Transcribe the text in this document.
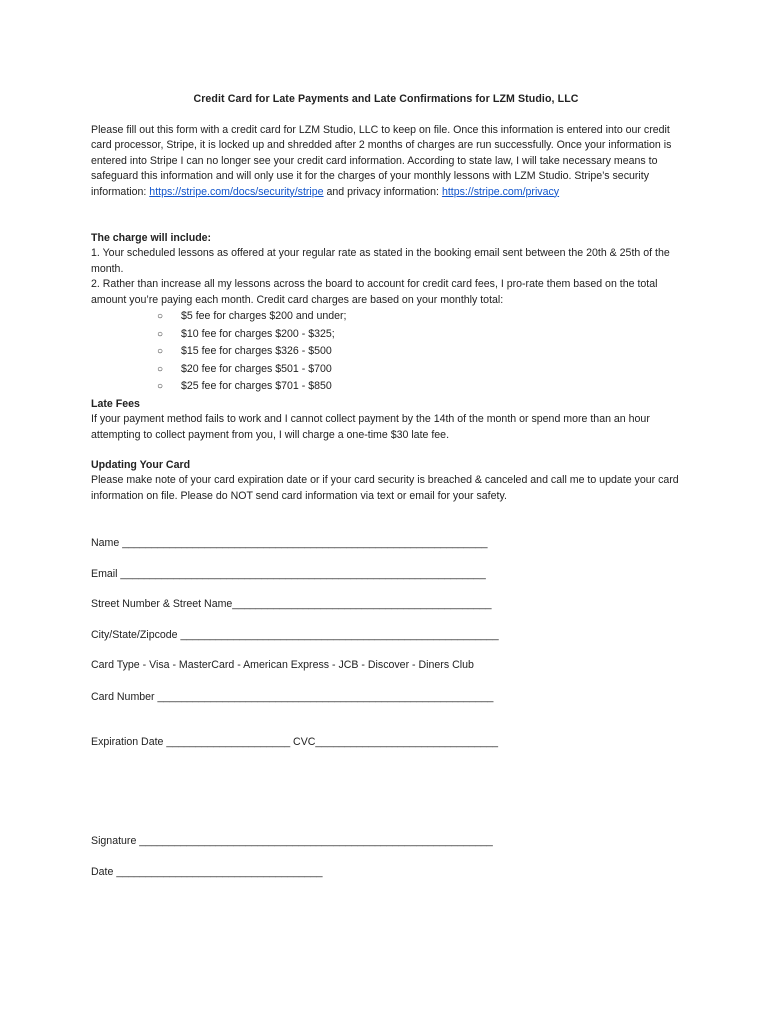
Credit Card for Late Payments and Late Confirmations for LZM Studio, LLC
Please fill out this form with a credit card for LZM Studio, LLC to keep on file. Once this information is entered into our credit card processor, Stripe, it is locked up and shredded after 2 months of charges are run successfully. Once your information is entered into Stripe I can no longer see your credit card information. According to state law, I will take necessary means to safeguard this information and will only use it for the charges of your monthly lessons with LZM Studio. Stripe’s security information: https://stripe.com/docs/security/stripe and privacy information: https://stripe.com/privacy
The charge will include:
1. Your scheduled lessons as offered at your regular rate as stated in the booking email sent between the 20th & 25th of the month.
2. Rather than increase all my lessons across the board to account for credit card fees, I pro-rate them based on the total amount you’re paying each month. Credit card charges are based on your monthly total:
○ $5 fee for charges $200 and under;
○ $10 fee for charges $200 - $325;
○ $15 fee for charges $326 - $500
○ $20 fee for charges $501 - $700
○ $25 fee for charges $701 - $850
Late Fees
If your payment method fails to work and I cannot collect payment by the 14th of the month or spend more than an hour attempting to collect payment from you, I will charge a one-time $30 late fee.
Updating Your Card
Please make note of your card expiration date or if your card security is breached & canceled and call me to update your card information on file. Please do NOT send card information via text or email for your safety.
Name ______________________________________________________________
Email ______________________________________________________________
Street Number & Street Name____________________________________________
City/State/Zipcode ______________________________________________________
Card Type - Visa - MasterCard - American Express - JCB - Discover - Diners Club
Card Number _________________________________________________________
Expiration Date _____________________ CVC_______________________________
Signature ____________________________________________________________
Date ___________________________________
